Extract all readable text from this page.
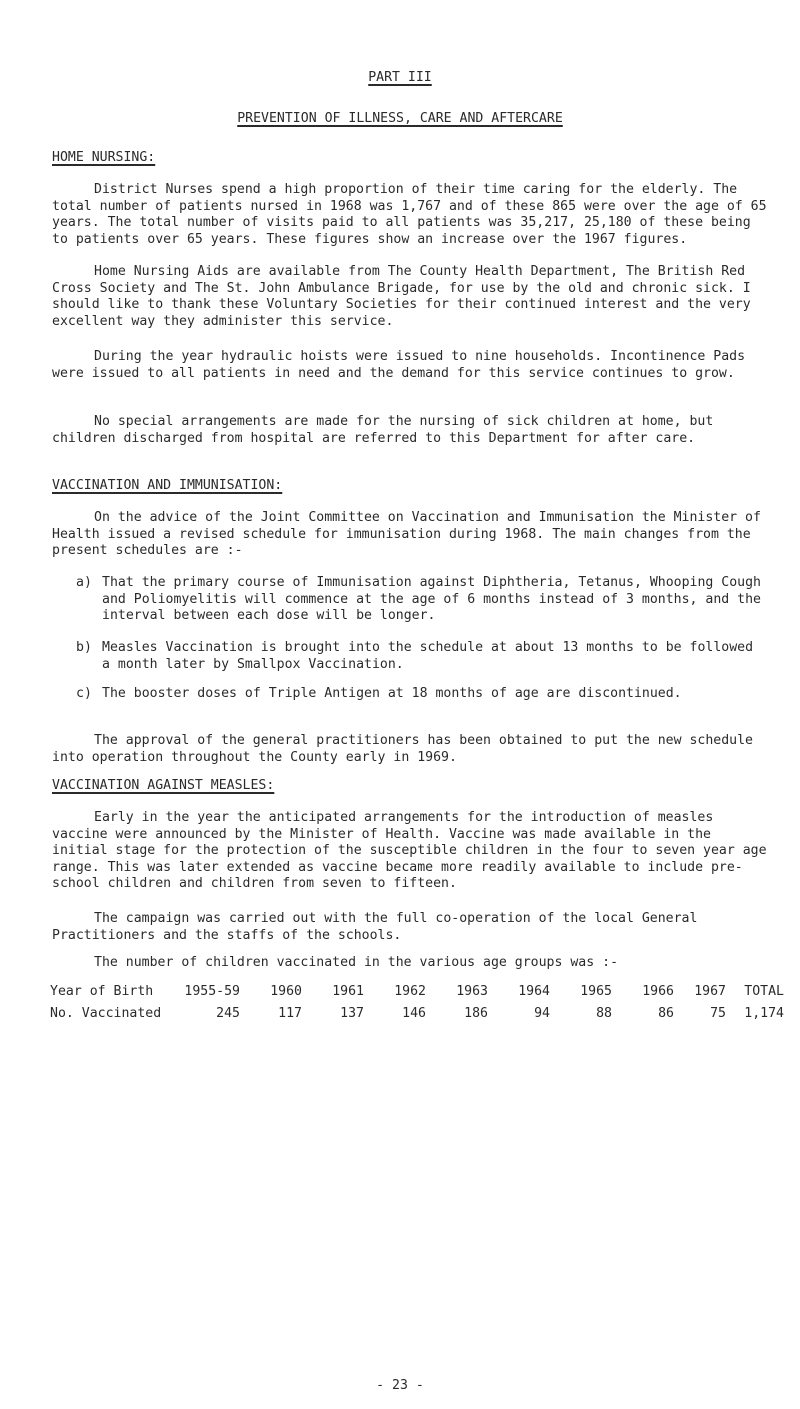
PART III
PREVENTION OF ILLNESS, CARE AND AFTERCARE
HOME NURSING:

District Nurses spend a high proportion of their time caring for the elderly. The total number of patients nursed in 1968 was 1,767 and of these 865 were over the age of 65 years. The total number of visits paid to all patients was 35,217, 25,180 of these being to patients over 65 years. These figures show an increase over the 1967 figures.

Home Nursing Aids are available from The County Health Department, The British Red Cross Society and The St. John Ambulance Brigade, for use by the old and chronic sick. I should like to thank these Voluntary Societies for their continued interest and the very excellent way they administer this service.

During the year hydraulic hoists were issued to nine households. Incontinence Pads were issued to all patients in need and the demand for this service continues to grow.

No special arrangements are made for the nursing of sick children at home, but children discharged from hospital are referred to this Department for after care.

VACCINATION AND IMMUNISATION:

On the advice of the Joint Committee on Vaccination and Immunisation the Minister of Health issued a revised schedule for immunisation during 1968. The main changes from the present schedules are :-

a) That the primary course of Immunisation against Diphtheria, Tetanus, Whooping Cough and Poliomyelitis will commence at the age of 6 months instead of 3 months, and the interval between each dose will be longer.
b) Measles Vaccination is brought into the schedule at about 13 months to be followed a month later by Smallpox Vaccination.
c) The booster doses of Triple Antigen at 18 months of age are discontinued.

The approval of the general practitioners has been obtained to put the new schedule into operation throughout the County early in 1969.

VACCINATION AGAINST MEASLES:

Early in the year the anticipated arrangements for the introduction of measles vaccine were announced by the Minister of Health. Vaccine was made available in the initial stage for the protection of the susceptible children in the four to seven year age range. This was later extended as vaccine became more readily available to include pre-school children and children from seven to fifteen.

The campaign was carried out with the full co-operation of the local General Practitioners and the staffs of the schools.

The number of children vaccinated in the various age groups was :-

Year of Birth	1955-59	1960	1961	1962	1963	1964	1965	1966	1967	TOTAL
No. Vaccinated	245	117	137	146	186	94	88	86	75	1,174
- 23 -
